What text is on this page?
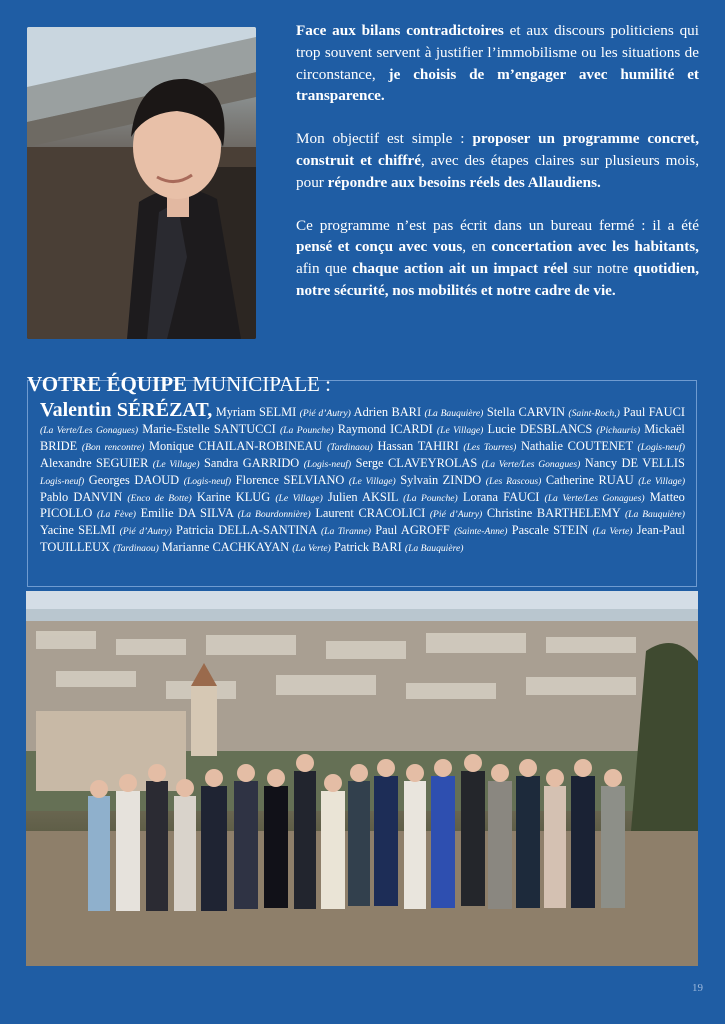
Face aux bilans contradictoires et aux discours politiciens qui trop souvent servent à justifier l’immobilisme ou les situations de circonstance, je choisis de m’engager avec humilité et transparence.

Mon objectif est simple : proposer un programme concret, construit et chiffré, avec des étapes claires sur plusieurs mois, pour répondre aux besoins réels des Allaudiens.

Ce programme n’est pas écrit dans un bureau fermé : il a été pensé et conçu avec vous, en concertation avec les habitants, afin que chaque action ait un impact réel sur notre quotidien, notre sécurité, nos mobilités et notre cadre de vie.

VOTRE ÉQUIPE MUNICIPALE :
Valentin SÉRÉZAT, Myriam SELMI (Pié d’Autry) Adrien BARI (La Bauquière) Stella CARVIN (Saint-Roch,) Paul FAUCI (La Verte/Les Gonagues) Marie-Estelle SANTUCCI (La Pounche) Raymond ICARDI (Le Village) Lucie DESBLANCS (Pichauris) Mickaël BRIDE (Bon rencontre) Monique CHAILAN-ROBINEAU (Tardinaou) Hassan TAHIRI (Les Tourres) Nathalie COUTENET (Logis-neuf) Alexandre SEGUIER (Le Village) Sandra GARRIDO (Logis-neuf) Serge CLAVEYROLAS (La Verte/Les Gonagues) Nancy DE VELLIS Logis-neuf) Georges DAOUD (Logis-neuf) Florence SELVIANO (Le Village) Sylvain ZINDO (Les Rascous) Catherine RUAU (Le Village) Pablo DANVIN (Enco de Botte) Karine KLUG (Le Village) Julien AKSIL (La Pounche) Lorana FAUCI (La Verte/Les Gonagues) Matteo PICOLLO (La Fève) Emilie DA SILVA (La Bourdonnière) Laurent CRACOLICI (Pié d’Autry) Christine BARTHELEMY (La Bauquière) Yacine SELMI (Pié d’Autry) Patricia DELLA-SANTINA (La Tiranne) Paul AGROFF (Sainte-Anne) Pascale STEIN (La Verte) Jean-Paul TOUILLEUX (Tardinaou) Marianne CACHKAYAN (La Verte) Patrick BARI (La Bauquière)
19
